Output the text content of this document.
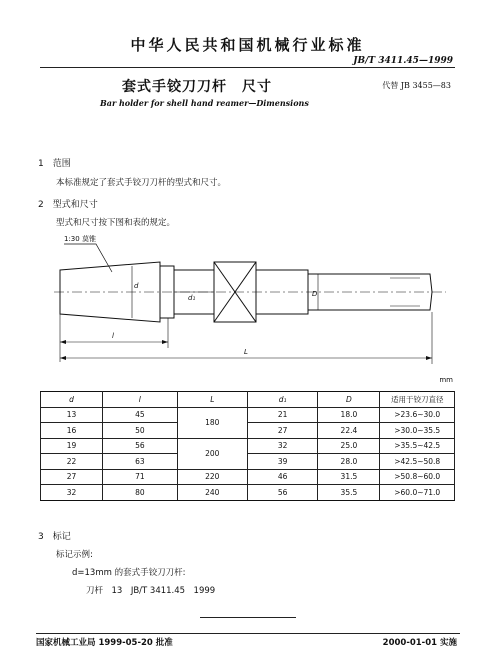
中华人民共和国机械行业标准
JB/T 3411.45—1999
套式手铰刀刀杆　尺寸	代替 JB 3455—83
Bar holder for shell hand reamer—Dimensions
1　范围
本标准规定了套式手铰刀刀杆的型式和尺寸。
2　型式和尺寸
型式和尺寸按下图和表的规定。
1:30 莫锥
d
d₁	D
l
L
mm
d	l	L	d₁	D	适用于铰刀直径
13	45	180	21	18.0	>23.6~30.0
16	50		27	22.4	>30.0~35.5
19	56	200	32	25.0	>35.5~42.5
22	63		39	28.0	>42.5~50.8
27	71	220	46	31.5	>50.8~60.0
32	80	240	56	35.5	>60.0~71.0
3　标记
标记示例:
d=13mm 的套式手铰刀刀杆:
刀杆　13　JB/T 3411.45　1999
国家机械工业局 1999-05-20 批准	2000-01-01 实施
